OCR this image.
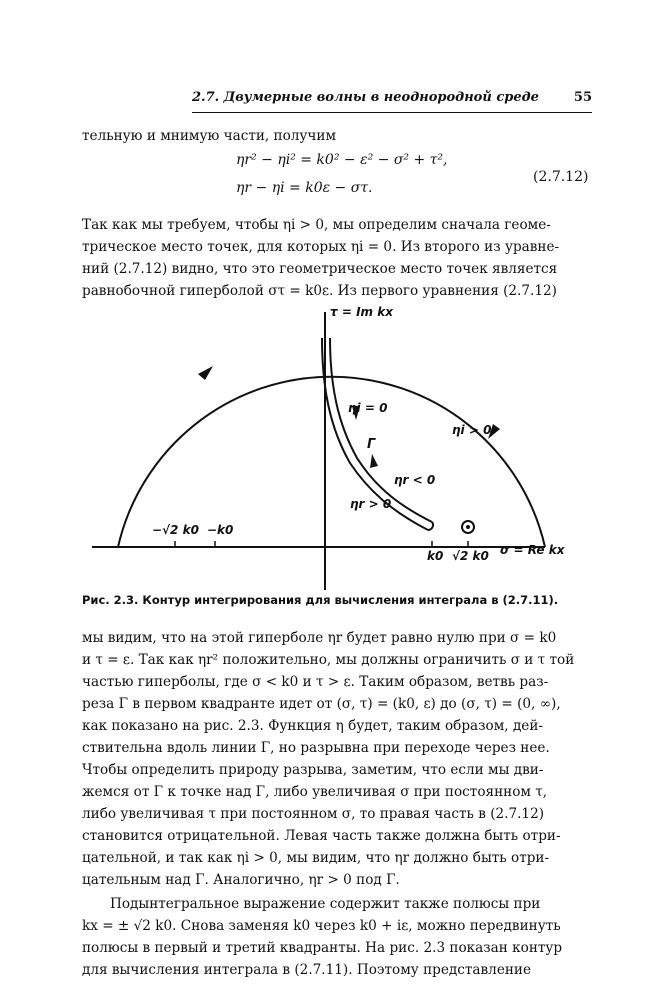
2.7. Двумерные волны в неоднородной среде	55
тельную и мнимую части, получим
ηr² − ηi² = k0² − ε² − σ² + τ²,
ηr − ηi = k0ε − στ.
(2.7.12)
Так как мы требуем, чтобы ηi > 0, мы определим сначала геоме-
трическое место точек, для которых ηi = 0. Из второго из уравне-
ний (2.7.12) видно, что это геометрическое место точек является
равнобочной гиперболой στ = k0ε. Из первого уравнения (2.7.12)
τ = Im kx
σ = Re kx
ηi = 0
ηi > 0
Γ
ηr < 0
ηr > 0
−√2 k0 −k0
k0 √2 k0
Рис. 2.3. Контур интегрирования для вычисления интеграла в (2.7.11).
мы видим, что на этой гиперболе ηr будет равно нулю при σ = k0
и τ = ε. Так как ηr² положительно, мы должны ограничить σ и τ той
частью гиперболы, где σ < k0 и τ > ε. Таким образом, ветвь раз-
реза Γ в первом квадранте идет от (σ, τ) = (k0, ε) до (σ, τ) = (0, ∞),
как показано на рис. 2.3. Функция η будет, таким образом, дей-
ствительна вдоль линии Γ, но разрывна при переходе через нее.
Чтобы определить природу разрыва, заметим, что если мы дви-
жемся от Γ к точке над Γ, либо увеличивая σ при постоянном τ,
либо увеличивая τ при постоянном σ, то правая часть в (2.7.12)
становится отрицательной. Левая часть также должна быть отри-
цательной, и так как ηi > 0, мы видим, что ηr должно быть отри-
цательным над Γ. Аналогично, ηr > 0 под Γ.
Подынтегральное выражение содержит также полюсы при
kx = ± √2 k0. Снова заменяя k0 через k0 + iε, можно передвинуть
полюсы в первый и третий квадранты. На рис. 2.3 показан контур
для вычисления интеграла в (2.7.11). Поэтому представление
